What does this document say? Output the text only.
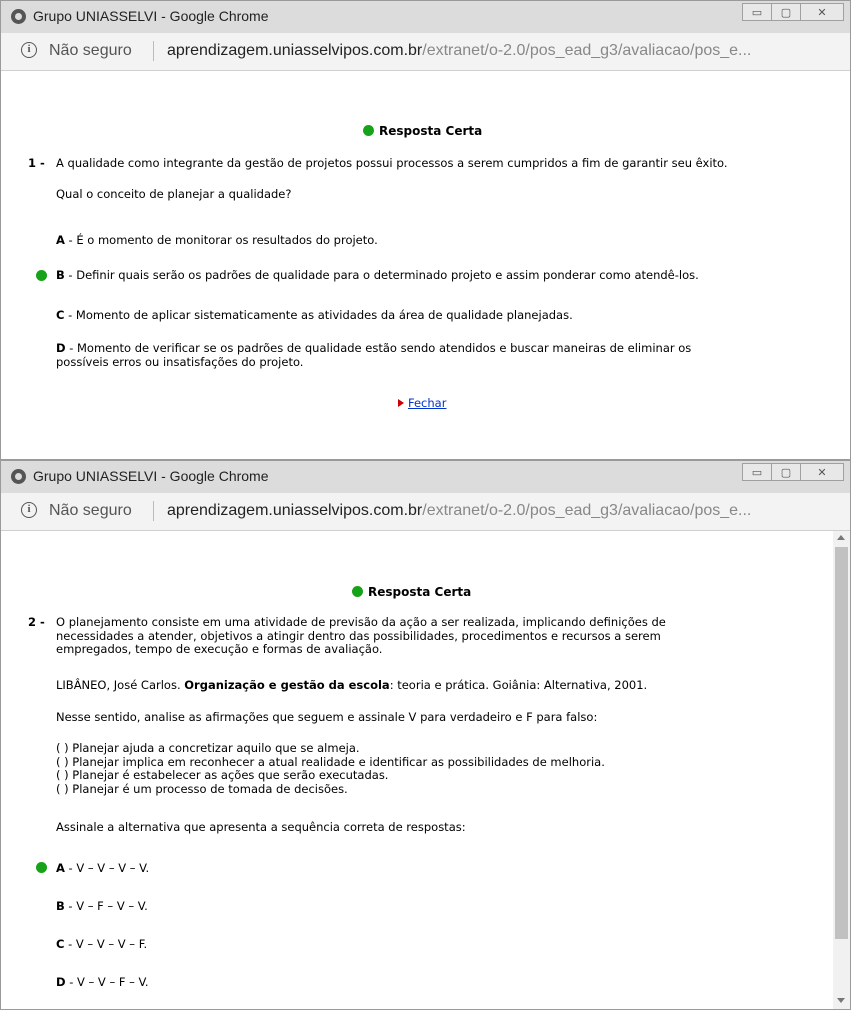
Grupo UNIASSELVI - Google Chrome	▭	▢	✕
i	Não seguro aprendizagem.uniasselvipos.com.br/extranet/o-2.0/pos_ead_g3/avaliacao/pos_e...
Resposta Certa
1 - A qualidade como integrante da gestão de projetos possui processos a serem cumpridos a fim de garantir seu êxito.
Qual o conceito de planejar a qualidade?
A - É o momento de monitorar os resultados do projeto.
B - Definir quais serão os padrões de qualidade para o determinado projeto e assim ponderar como atendê-los.
C - Momento de aplicar sistematicamente as atividades da área de qualidade planejadas.
D - Momento de verificar se os padrões de qualidade estão sendo atendidos e buscar maneiras de eliminar os
possíveis erros ou insatisfações do projeto.
Fechar
Grupo UNIASSELVI - Google Chrome	▭	▢	✕
i	Não seguro aprendizagem.uniasselvipos.com.br/extranet/o-2.0/pos_ead_g3/avaliacao/pos_e...
Resposta Certa
2 - O planejamento consiste em uma atividade de previsão da ação a ser realizada, implicando definições de
necessidades a atender, objetivos a atingir dentro das possibilidades, procedimentos e recursos a serem
empregados, tempo de execução e formas de avaliação.
LIBÂNEO, José Carlos. Organização e gestão da escola: teoria e prática. Goiânia: Alternativa, 2001.
Nesse sentido, analise as afirmações que seguem e assinale V para verdadeiro e F para falso:
( ) Planejar ajuda a concretizar aquilo que se almeja.
( ) Planejar implica em reconhecer a atual realidade e identificar as possibilidades de melhoria.
( ) Planejar é estabelecer as ações que serão executadas.
( ) Planejar é um processo de tomada de decisões.
Assinale a alternativa que apresenta a sequência correta de respostas:
A - V – V – V – V.
B - V – F – V – V.
C - V – V – V – F.
D - V – V – F – V.
